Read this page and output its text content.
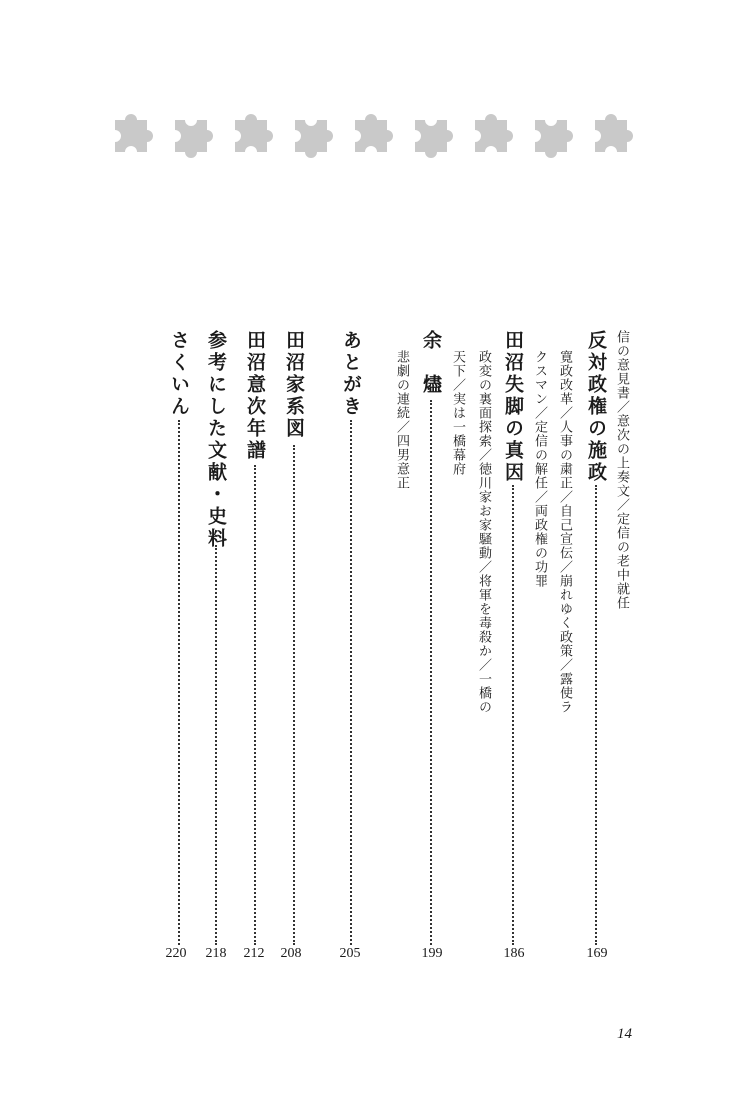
信の意見書／意次の上奏文／定信の老中就任
反対政権の施政
169
寛政改革／人事の粛正／自己宣伝／崩れゆく政策／露使ラ
クスマン／定信の解任／両政権の功罪
田沼失脚の真因
186
政変の裏面探索／徳川家お家騒動／将軍を毒殺か／一橋の
天下／実は一橋幕府
余　燼
199
悲劇の連続／四男意正
あとがき
205
田沼家系図
208
田沼意次年譜
212
参考にした文献・史料
218
さくいん
220
14
